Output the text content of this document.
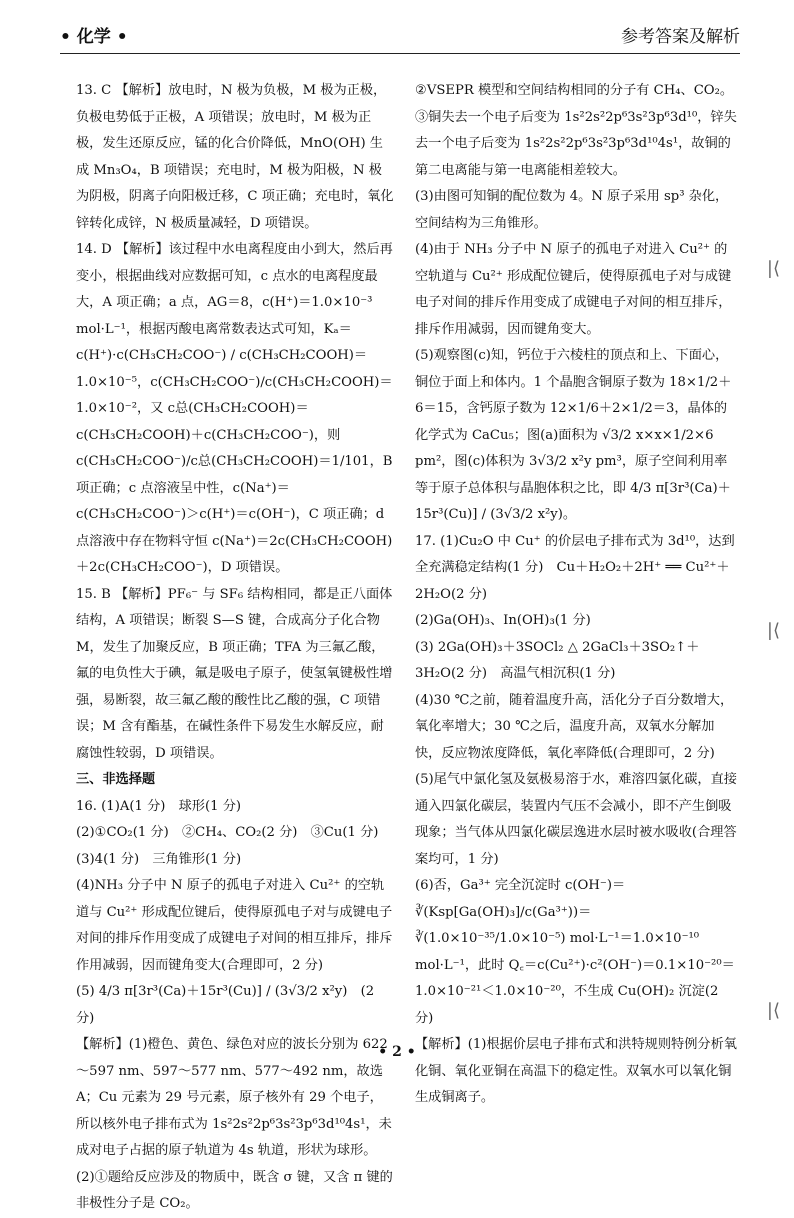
• 化学 •	参考答案及解析

13. C 【解析】放电时，N 极为负极，M 极为正极，负极电势低于正极，A 项错误；放电时，M 极为正极，发生还原反应，锰的化合价降低，MnO(OH) 生成 Mn₃O₄，B 项错误；充电时，M 极为阳极，N 极为阴极，阴离子向阳极迁移，C 项正确；充电时，氧化锌转化成锌，N 极质量减轻，D 项错误。

14. D 【解析】该过程中水电离程度由小到大，然后再变小，根据曲线对应数据可知，c 点水的电离程度最大，A 项正确；a 点，AG＝8，c(H⁺)＝1.0×10⁻³ mol·L⁻¹，根据丙酸电离常数表达式可知，Kₐ＝c(H⁺)·c(CH₃CH₂COO⁻) / c(CH₃CH₂COOH)＝1.0×10⁻⁵，c(CH₃CH₂COO⁻)/c(CH₃CH₂COOH)＝1.0×10⁻²，又 c总(CH₃CH₂COOH)＝c(CH₃CH₂COOH)＋c(CH₃CH₂COO⁻)，则 c(CH₃CH₂COO⁻)/c总(CH₃CH₂COOH)＝1/101，B 项正确；c 点溶液呈中性，c(Na⁺)＝c(CH₃CH₂COO⁻)＞c(H⁺)＝c(OH⁻)，C 项正确；d 点溶液中存在物料守恒 c(Na⁺)＝2c(CH₃CH₂COOH)＋2c(CH₃CH₂COO⁻)，D 项错误。

15. B 【解析】PF₆⁻ 与 SF₆ 结构相同，都是正八面体结构，A 项错误；断裂 S—S 键，合成高分子化合物 M，发生了加聚反应，B 项正确；TFA 为三氟乙酸，氟的电负性大于碘，氟是吸电子原子，使氢氧键极性增强，易断裂，故三氟乙酸的酸性比乙酸的强，C 项错误；M 含有酯基，在碱性条件下易发生水解反应，耐腐蚀性较弱，D 项错误。

三、非选择题

16. (1)A(1 分)　球形(1 分)

(2)①CO₂(1 分)　②CH₄、CO₂(2 分)　③Cu(1 分)

(3)4(1 分)　三角锥形(1 分)

(4)NH₃ 分子中 N 原子的孤电子对进入 Cu²⁺ 的空轨道与 Cu²⁺ 形成配位键后，使得原孤电子对与成键电子对间的排斥作用变成了成键电子对间的相互排斥，排斥作用减弱，因而键角变大(合理即可，2 分)

(5) 4/3 π[3r³(Ca)＋15r³(Cu)] / (3√3/2 x²y)　(2 分)

【解析】(1)橙色、黄色、绿色对应的波长分别为 622～597 nm、597～577 nm、577～492 nm，故选 A；Cu 元素为 29 号元素，原子核外有 29 个电子，所以核外电子排布式为 1s²2s²2p⁶3s²3p⁶3d¹⁰4s¹，未成对电子占据的原子轨道为 4s 轨道，形状为球形。

(2)①题给反应涉及的物质中，既含 σ 键，又含 π 键的非极性分子是 CO₂。

②VSEPR 模型和空间结构相同的分子有 CH₄、CO₂。

③铜失去一个电子后变为 1s²2s²2p⁶3s²3p⁶3d¹⁰，锌失去一个电子后变为 1s²2s²2p⁶3s²3p⁶3d¹⁰4s¹，故铜的第二电离能与第一电离能相差较大。

(3)由图可知铜的配位数为 4。N 原子采用 sp³ 杂化，空间结构为三角锥形。

(4)由于 NH₃ 分子中 N 原子的孤电子对进入 Cu²⁺ 的空轨道与 Cu²⁺ 形成配位键后，使得原孤电子对与成键电子对间的排斥作用变成了成键电子对间的相互排斥，排斥作用减弱，因而键角变大。

(5)观察图(c)知，钙位于六棱柱的顶点和上、下面心，铜位于面上和体内。1 个晶胞含铜原子数为 18×1/2＋6＝15，含钙原子数为 12×1/6＋2×1/2＝3，晶体的化学式为 CaCu₅；图(a)面积为 √3/2 x×x×1/2×6 pm²，图(c)体积为 3√3/2 x²y pm³，原子空间利用率等于原子总体积与晶胞体积之比，即 4/3 π[3r³(Ca)＋15r³(Cu)] / (3√3/2 x²y)。

17. (1)Cu₂O 中 Cu⁺ 的价层电子排布式为 3d¹⁰，达到全充满稳定结构(1 分)　Cu＋H₂O₂＋2H⁺ ══ Cu²⁺＋2H₂O(2 分)

(2)Ga(OH)₃、In(OH)₃(1 分)

(3) 2Ga(OH)₃＋3SOCl₂ △ 2GaCl₃＋3SO₂↑＋3H₂O(2 分)　高温气相沉积(1 分)

(4)30 ℃之前，随着温度升高，活化分子百分数增大，氧化率增大；30 ℃之后，温度升高，双氧水分解加快，反应物浓度降低，氧化率降低(合理即可，2 分)

(5)尾气中氯化氢及氨极易溶于水，难溶四氯化碳，直接通入四氯化碳层，装置内气压不会减小，即不产生倒吸现象；当气体从四氯化碳层逸进水层时被水吸收(合理答案均可，1 分)

(6)否，Ga³⁺ 完全沉淀时 c(OH⁻)＝∛(Ksp[Ga(OH)₃]/c(Ga³⁺))＝∛(1.0×10⁻³⁵/1.0×10⁻⁵) mol·L⁻¹＝1.0×10⁻¹⁰ mol·L⁻¹，此时 Q꜀＝c(Cu²⁺)·c²(OH⁻)＝0.1×10⁻²⁰＝1.0×10⁻²¹＜1.0×10⁻²⁰，不生成 Cu(OH)₂ 沉淀(2 分)

【解析】(1)根据价层电子排布式和洪特规则特例分析氧化铜、氧化亚铜在高温下的稳定性。双氧水可以氧化铜生成铜离子。

• 2 •
|⟨
|⟨
|⟨
